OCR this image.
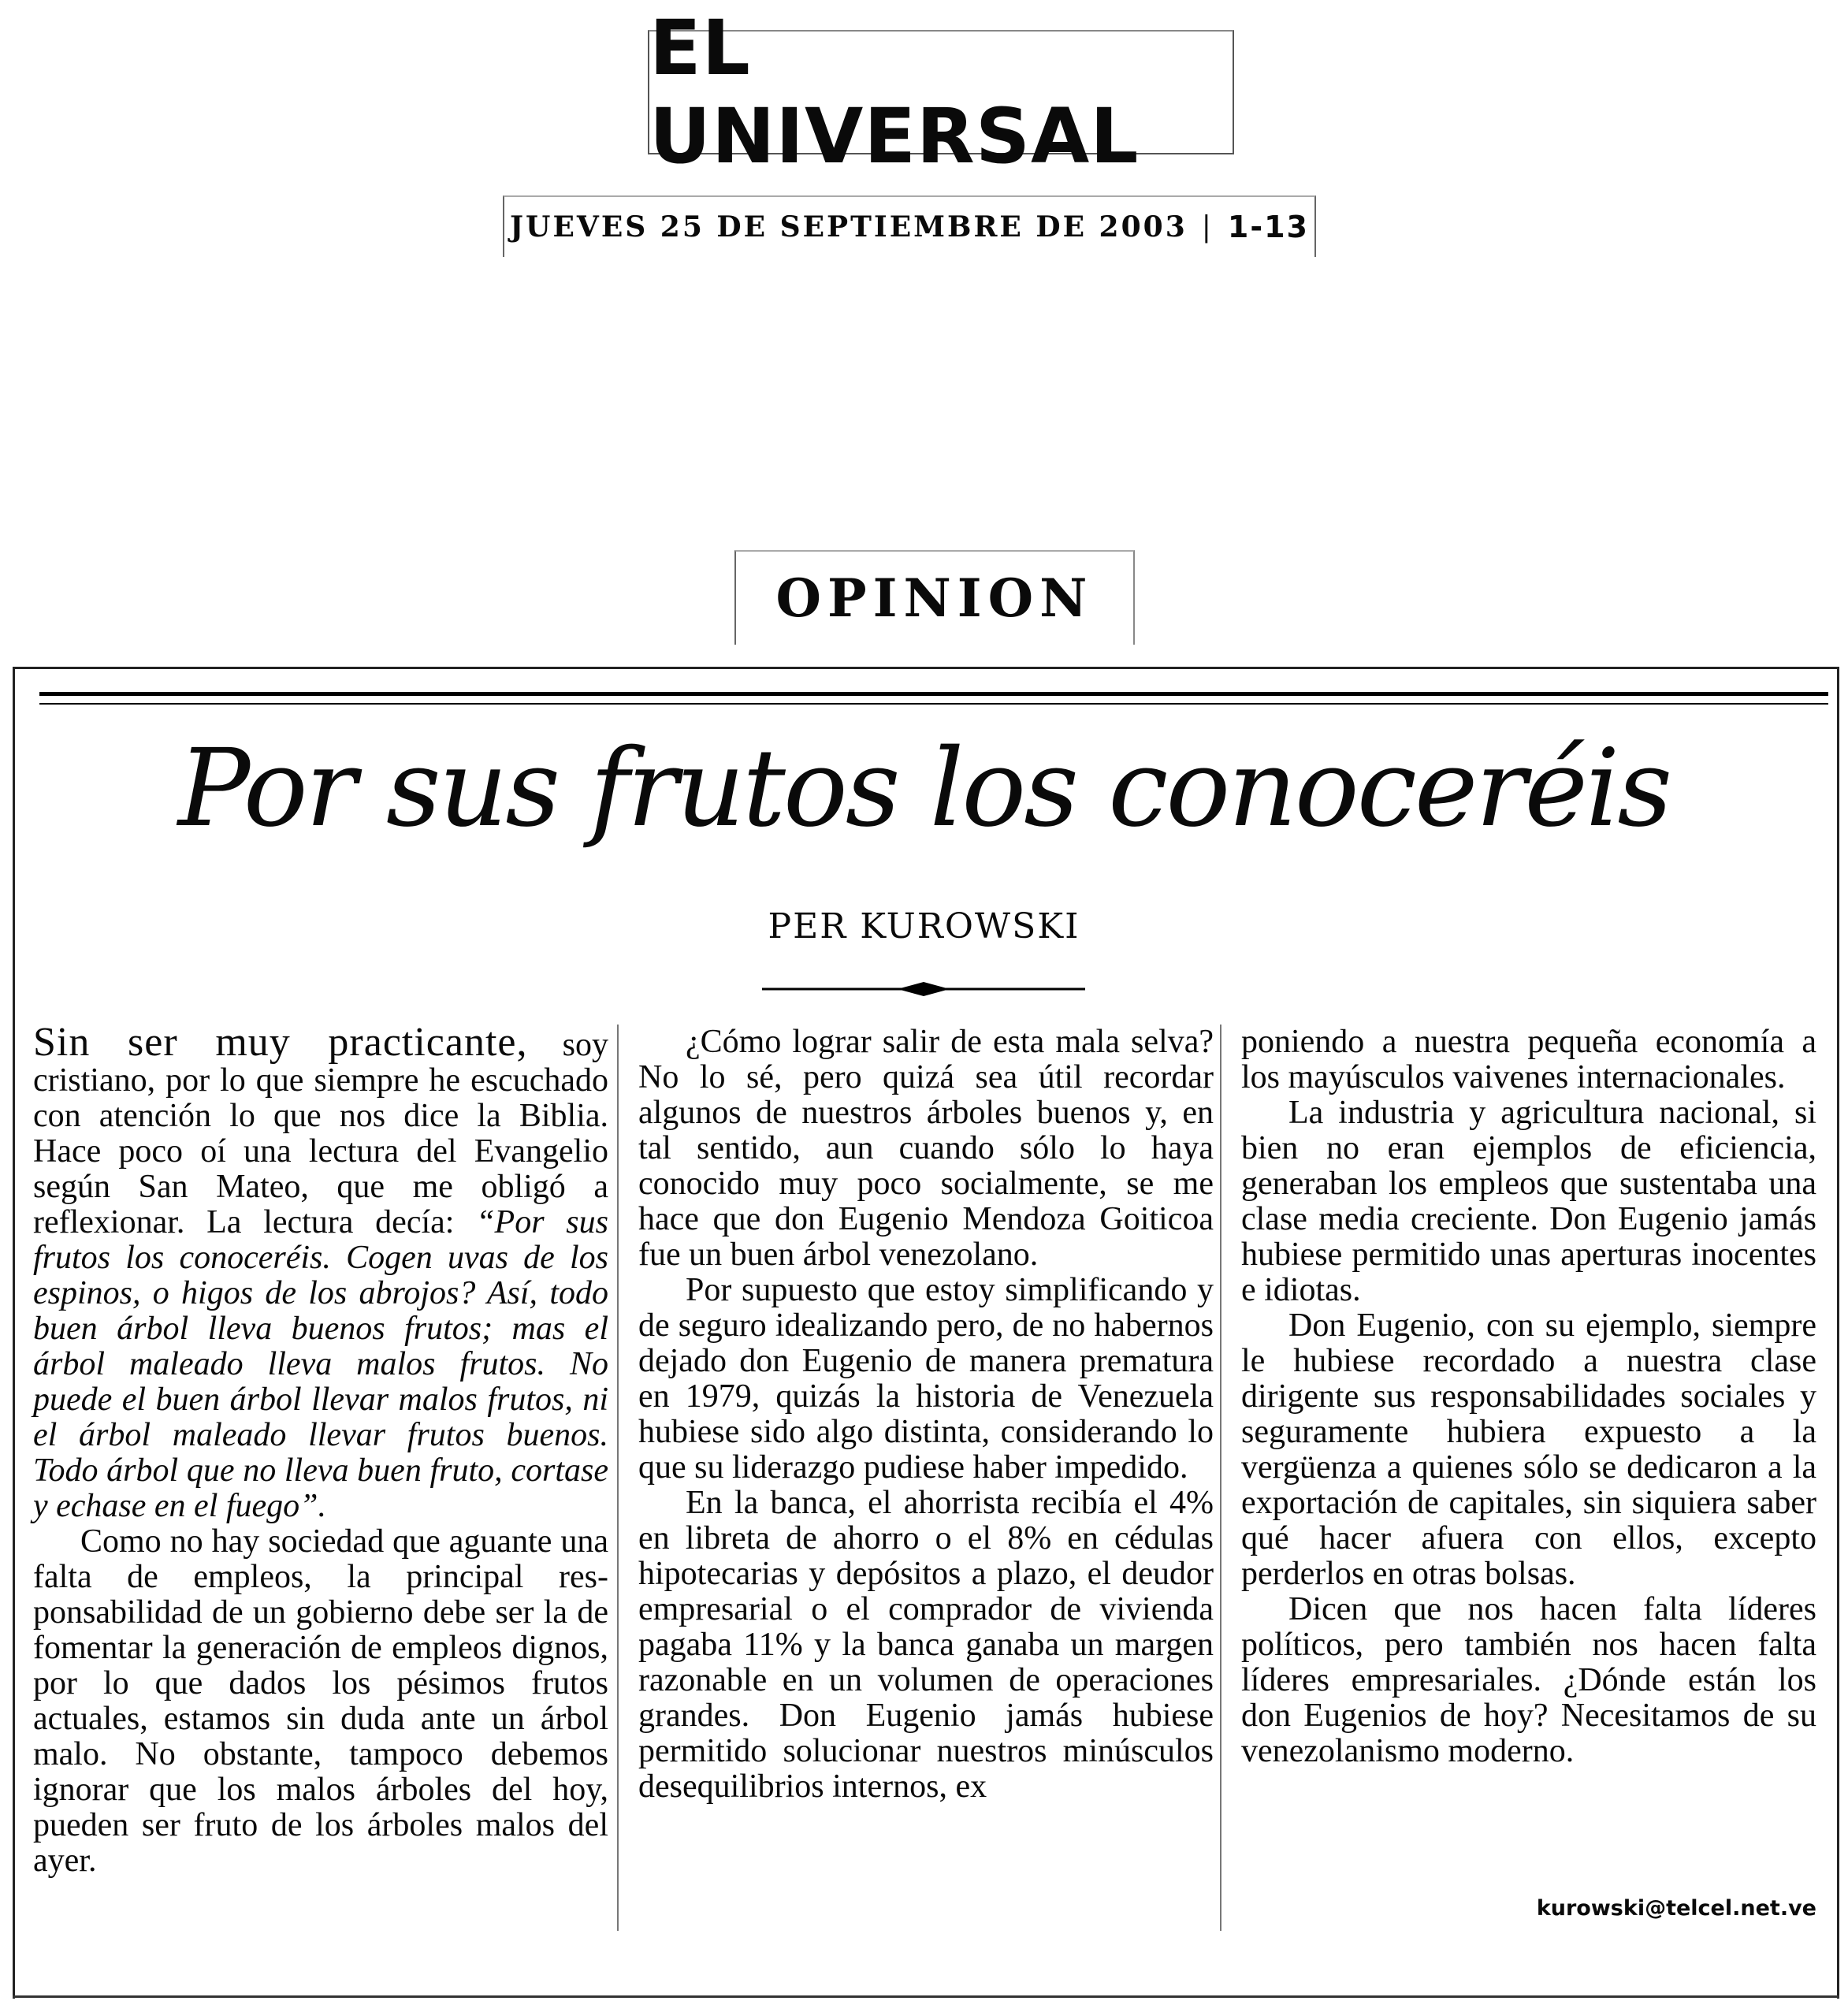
EL UNIVERSAL
JUEVES 25 DE SEPTIEMBRE DE 2003 | 1-13
OPINION
Por sus frutos los conoceréis
PER KUROWSKI

Sin ser muy practicante, soy cristiano, por lo que siempre he escuchado con atención lo que nos dice la Biblia. Hace poco oí una lectura del Evangelio según San Mateo, que me obligó a reflexionar. La lectura decía: “Por sus frutos los conoceréis. Cogen uvas de los espinos, o higos de los abrojos? Así, todo buen árbol lleva buenos frutos; mas el árbol maleado lleva malos frutos. No puede el buen árbol llevar malos frutos, ni el árbol maleado llevar frutos buenos. Todo árbol que no lleva buen fruto, cortase y echase en el fuego”.

Como no hay sociedad que aguante una falta de empleos, la principal responsabilidad de un gobierno debe ser la de fomentar la generación de empleos dignos, por lo que dados los pésimos frutos actuales, estamos sin duda ante un árbol malo. No obstante, tampoco debemos ignorar que los malos árboles del hoy, pueden ser fruto de los árboles malos del ayer.

¿Cómo lograr salir de esta mala selva? No lo sé, pero quizá sea útil recordar algunos de nuestros árboles buenos y, en tal sentido, aun cuando sólo lo haya conocido muy poco socialmente, se me hace que don Eugenio Mendoza Goiticoa fue un buen árbol venezolano.

Por supuesto que estoy simplificando y de seguro idealizando pero, de no habernos dejado don Eugenio de manera prematura en 1979, quizás la historia de Venezuela hubiese sido algo distinta, considerando lo que su liderazgo pudiese haber impedido.

En la banca, el ahorrista recibía el 4% en libreta de ahorro o el 8% en cédulas hipotecarias y depósitos a plazo, el deudor empresarial o el comprador de vivienda pagaba 11% y la banca ganaba un margen razonable en un volumen de operaciones grandes. Don Eugenio jamás hubiese permitido solucionar nuestros minúsculos desequilibrios internos, ex

poniendo a nuestra pequeña economía a los mayúsculos vaivenes internacionales.

La industria y agricultura nacional, si bien no eran ejemplos de eficiencia, generaban los empleos que sustentaba una clase media creciente. Don Eugenio jamás hubiese permitido unas aperturas inocentes e idiotas.

Don Eugenio, con su ejemplo, siempre le hubiese recordado a nuestra clase dirigente sus responsabilidades sociales y seguramente hubiera expuesto a la vergüenza a quienes sólo se dedicaron a la exportación de capitales, sin siquiera saber qué hacer afuera con ellos, excepto perderlos en otras bolsas.

Dicen que nos hacen falta líderes políticos, pero también nos hacen falta líderes empresariales. ¿Dónde están los don Eugenios de hoy? Necesitamos de su venezolanismo moderno.

kurowski@telcel.net.ve
